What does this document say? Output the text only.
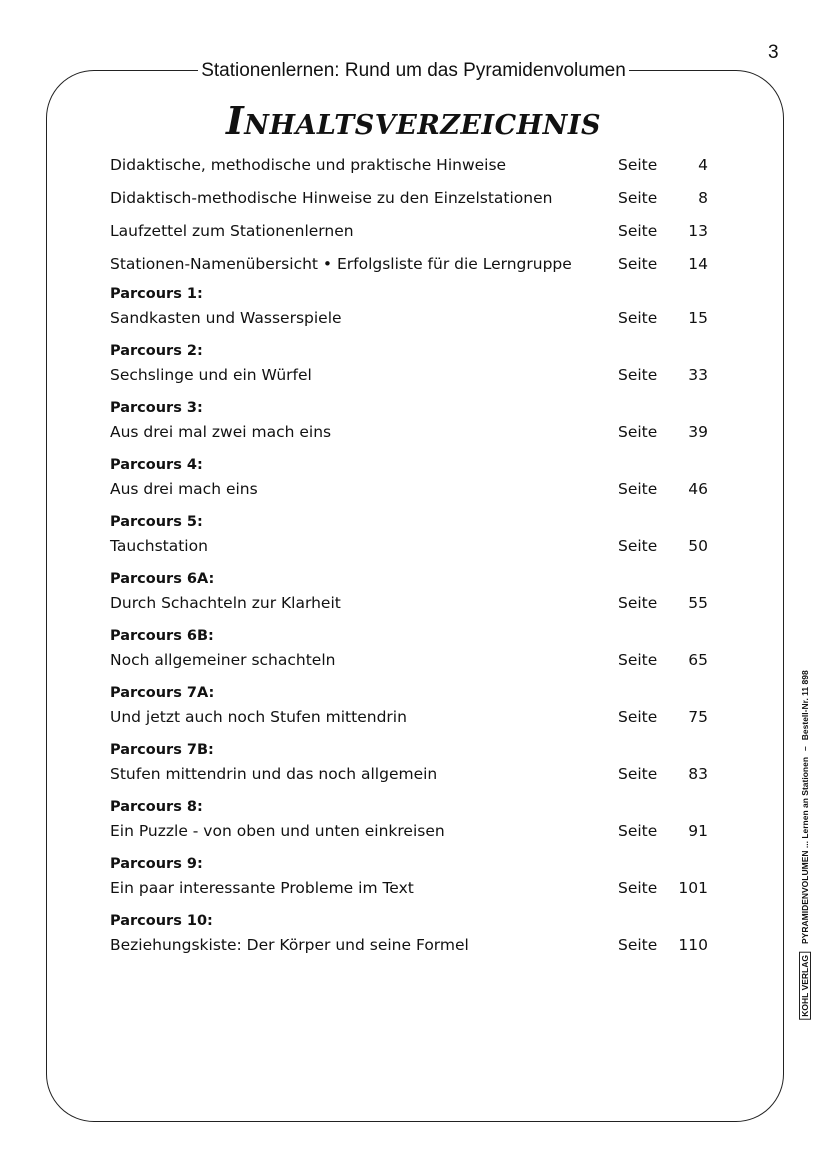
3
Stationenlernen: Rund um das Pyramidenvolumen
Inhaltsverzeichnis
Didaktische, methodische und praktische Hinweise	Seite	4
Didaktisch-methodische Hinweise zu den Einzelstationen	Seite	8
Laufzettel zum Stationenlernen	Seite 13
Stationen-Namenübersicht • Erfolgsliste für die Lerngruppe	Seite 14
Parcours 1:
Sandkasten und Wasserspiele	Seite 15
Parcours 2:
Sechslinge und ein Würfel	Seite 33
Parcours 3:
Aus drei mal zwei mach eins	Seite 39
Parcours 4:
Aus drei mach eins	Seite 46
Parcours 5:
Tauchstation	Seite 50
Parcours 6A:
Durch Schachteln zur Klarheit	Seite 55
Parcours 6B:
Noch allgemeiner schachteln	Seite 65
Parcours 7A:
Und jetzt auch noch Stufen mittendrin	Seite 75
Parcours 7B:
Stufen mittendrin und das noch allgemein	Seite 83
Parcours 8:
Ein Puzzle - von oben und unten einkreisen	Seite 91
Parcours 9:
Ein paar interessante Probleme im Text	Seite 101
Parcours 10:
Beziehungskiste: Der Körper und seine Formel	Seite 110
KOHL VERLAGPYRAMIDENVOLUMEN ... Lernen an Stationen–Bestell-Nr. 11 898
